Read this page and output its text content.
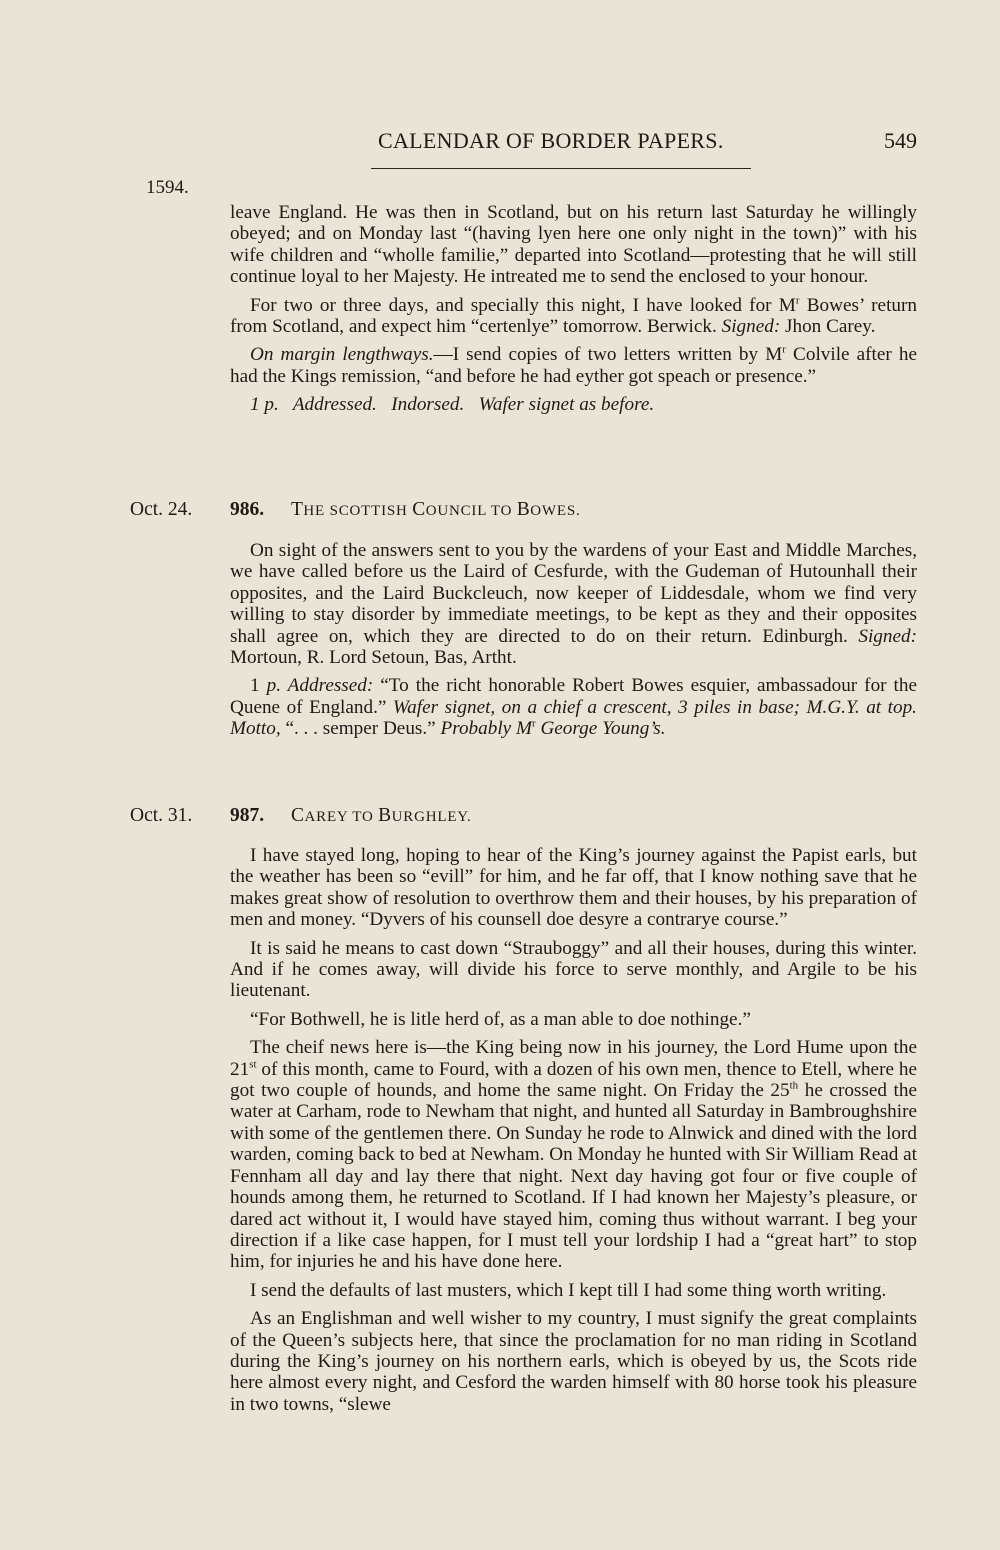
CALENDAR OF BORDER PAPERS.	549
1594.

leave England. He was then in Scotland, but on his return last Saturday he willingly obeyed; and on Monday last “(having lyen here one only night in the town)” with his wife children and “wholle familie,” departed into Scotland—protesting that he will still continue loyal to her Majesty. He intreated me to send the enclosed to your honour.

For two or three days, and specially this night, I have looked for $M^r$ Bowes’ return from Scotland, and expect him “certenlye” tomorrow. Berwick. Signed: Jhon Carey.

On margin lengthways.—I send copies of two letters written by $M^r$ Colvile after he had the Kings remission, “and before he had eyther got speach or presence.”

1 p.   Addressed.   Indorsed.   Wafer signet as before.

Oct. 24. 986. THE SCOTTISH COUNCIL TO BOWES.

On sight of the answers sent to you by the wardens of your East and Middle Marches, we have called before us the Laird of Cesfurde, with the Gudeman of Hutounhall their opposites, and the Laird Buckcleuch, now keeper of Liddesdale, whom we find very willing to stay disorder by immediate meetings, to be kept as they and their opposites shall agree on, which they are directed to do on their return. Edinburgh. Signed: Mortoun, R. Lord Setoun, Bas, Artht.

1 p. Addressed: “To the richt honorable Robert Bowes esquier, ambassadour for the Quene of England.” Wafer signet, on a chief a crescent, 3 piles in base; M.G.Y. at top. Motto, “. . . semper Deus.” Probably $M^r$ George Young’s.

Oct. 31. 987. CAREY TO BURGHLEY.

I have stayed long, hoping to hear of the King’s journey against the Papist earls, but the weather has been so “evill” for him, and he far off, that I know nothing save that he makes great show of resolution to overthrow them and their houses, by his preparation of men and money. “Dyvers of his counsell doe desyre a contrarye course.”

It is said he means to cast down “Strauboggy” and all their houses, during this winter. And if he comes away, will divide his force to serve monthly, and Argile to be his lieutenant.

“For Bothwell, he is litle herd of, as a man able to doe nothinge.”

The cheif news here is—the King being now in his journey, the Lord Hume upon the 21st of this month, came to Fourd, with a dozen of his own men, thence to Etell, where he got two couple of hounds, and home the same night. On Friday the 25th he crossed the water at Carham, rode to Newham that night, and hunted all Saturday in Bambroughshire with some of the gentlemen there. On Sunday he rode to Alnwick and dined with the lord warden, coming back to bed at Newham. On Monday he hunted with Sir William Read at Fennham all day and lay there that night. Next day having got four or five couple of hounds among them, he returned to Scotland. If I had known her Majesty’s pleasure, or dared act without it, I would have stayed him, coming thus without warrant. I beg your direction if a like case happen, for I must tell your lordship I had a “great hart” to stop him, for injuries he and his have done here.

I send the defaults of last musters, which I kept till I had some thing worth writing.

As an Englishman and well wisher to my country, I must signify the great complaints of the Queen’s subjects here, that since the proclamation for no man riding in Scotland during the King’s journey on his northern earls, which is obeyed by us, the Scots ride here almost every night, and Cesford the warden himself with 80 horse took his pleasure in two towns, “slewe
